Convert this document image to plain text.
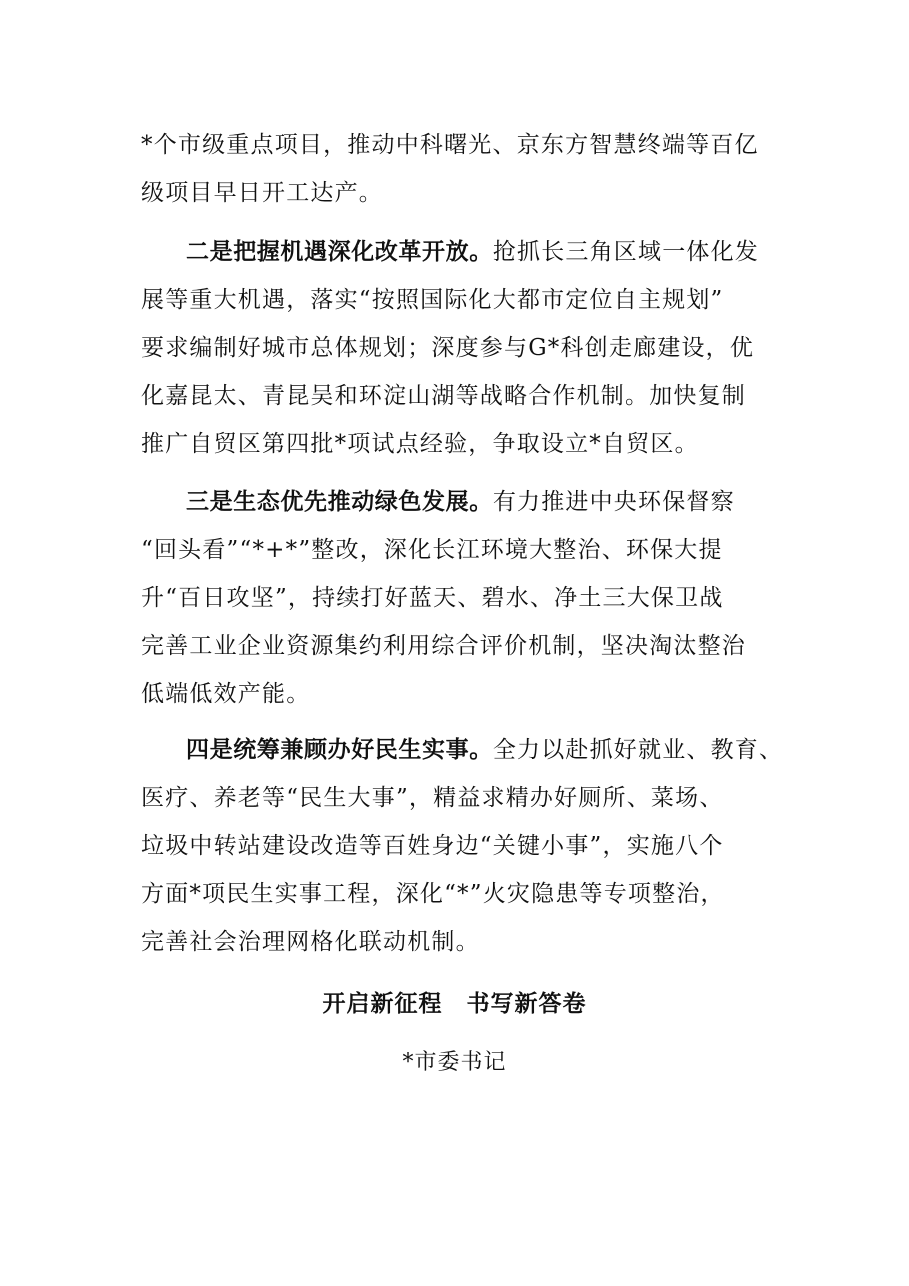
*个市级重点项目，推动中科曙光、京东方智慧终端等百亿
级项目早日开工达产。
二是把握机遇深化改革开放。抢抓长三角区域一体化发
展等重大机遇，落实“按照国际化大都市定位自主规划”
要求编制好城市总体规划；深度参与G*科创走廊建设，优
化嘉昆太、青昆吴和环淀山湖等战略合作机制。加快复制
推广自贸区第四批*项试点经验，争取设立*自贸区。
三是生态优先推动绿色发展。有力推进中央环保督察
“回头看”“*+*”整改，深化长江环境大整治、环保大提
升“百日攻坚”，持续打好蓝天、碧水、净土三大保卫战
完善工业企业资源集约利用综合评价机制，坚决淘汰整治
低端低效产能。
四是统筹兼顾办好民生实事。全力以赴抓好就业、教育、
医疗、养老等“民生大事”，精益求精办好厕所、菜场、
垃圾中转站建设改造等百姓身边“关键小事”，实施八个
方面*项民生实事工程，深化“*”火灾隐患等专项整治，
完善社会治理网格化联动机制。

开启新征程　书写新答卷

*市委书记
